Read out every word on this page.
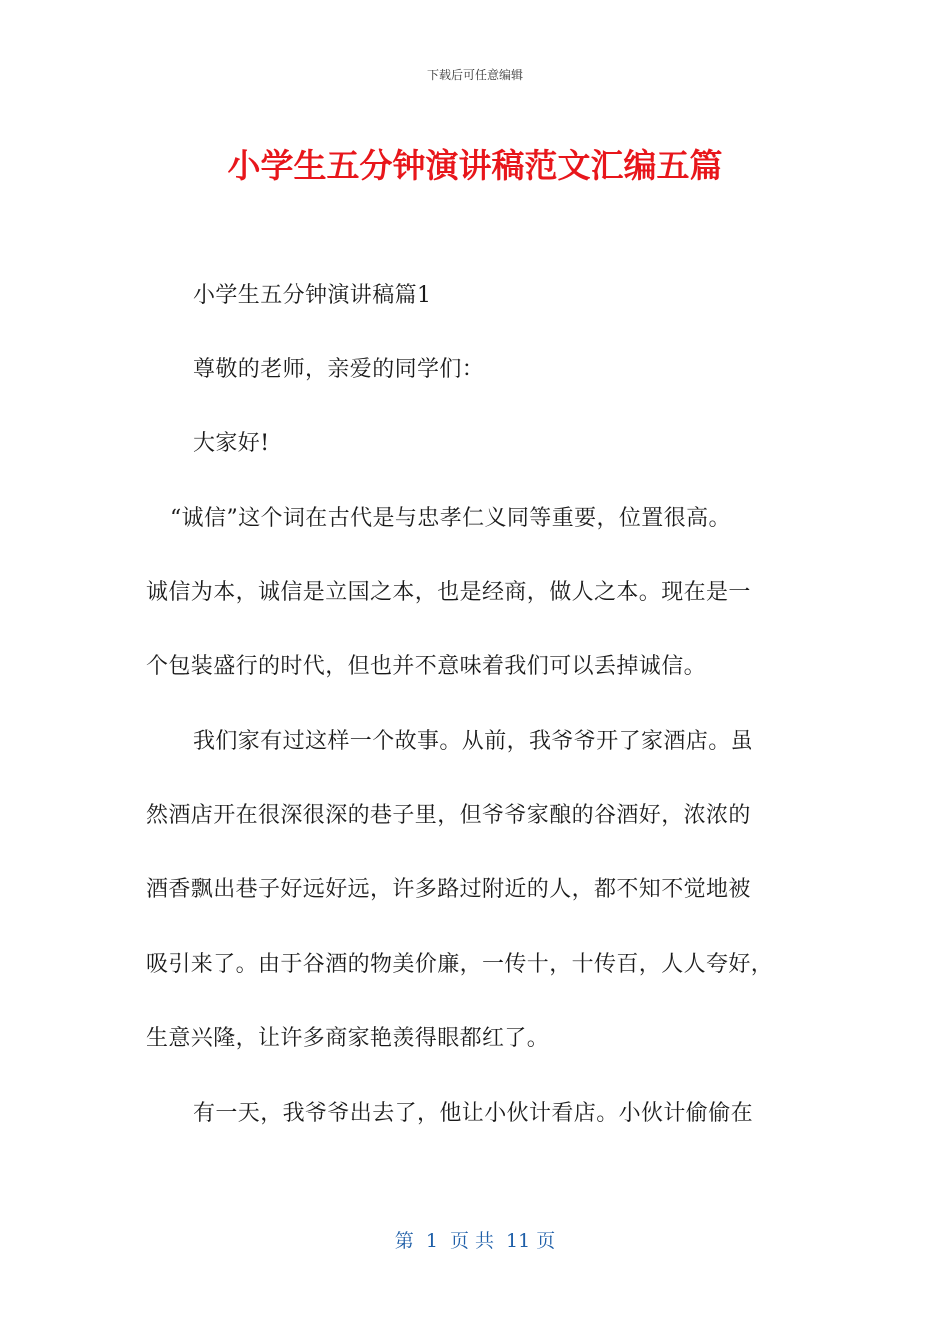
下载后可任意编辑
小学生五分钟演讲稿范文汇编五篇
小学生五分钟演讲稿篇1
尊敬的老师，亲爱的同学们：
大家好!
“诚信”这个词在古代是与忠孝仁义同等重要，位置很高。
诚信为本，诚信是立国之本，也是经商，做人之本。现在是一
个包装盛行的时代，但也并不意味着我们可以丢掉诚信。
我们家有过这样一个故事。从前，我爷爷开了家酒店。虽
然酒店开在很深很深的巷子里，但爷爷家酿的谷酒好，浓浓的
酒香飘出巷子好远好远，许多路过附近的人，都不知不觉地被
吸引来了。由于谷酒的物美价廉，一传十，十传百，人人夸好，
生意兴隆，让许多商家艳羡得眼都红了。
有一天，我爷爷出去了，他让小伙计看店。小伙计偷偷在
第 1 页 共 11 页
